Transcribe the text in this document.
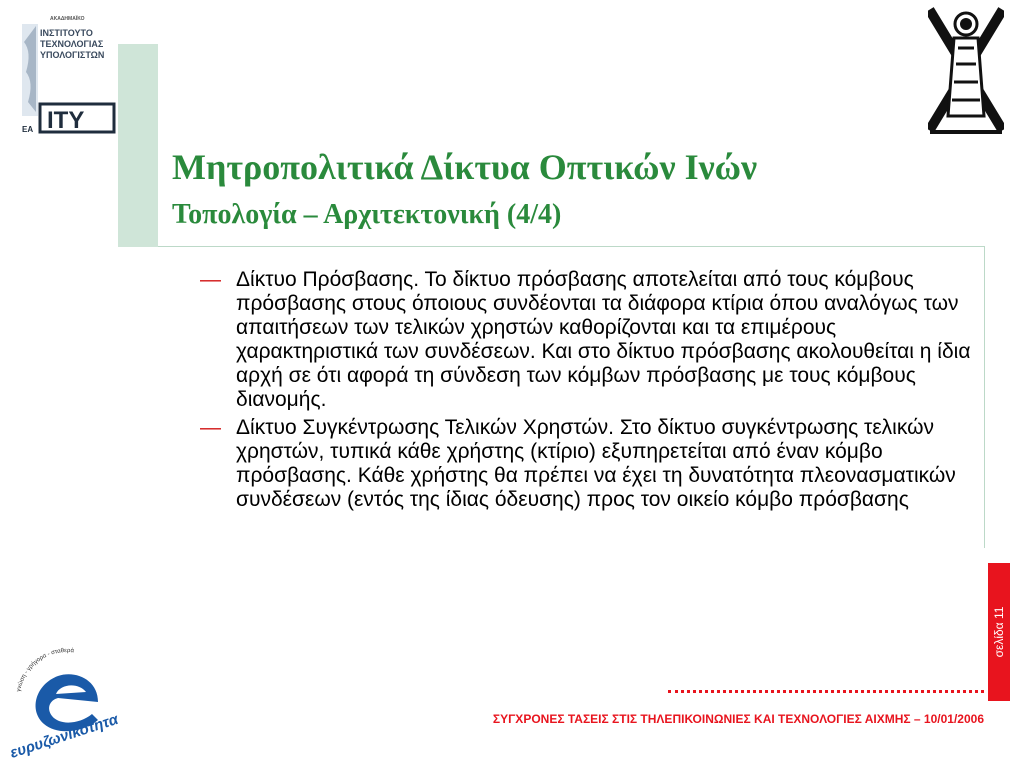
ΑΚΑΔΗΜΑΪΚΟ
ΙΝΣΤΙΤΟΥΤΟ
ΤΕΧΝΟΛΟΓΙΑΣ
ΥΠΟΛΟΓΙΣΤΩΝ
ΕΑ ΙΤΥ
Μητροπολιτικά Δίκτυα Οπτικών Ινών
Τοπολογία – Αρχιτεκτονική (4/4)
— Δίκτυο Πρόσβασης. Το δίκτυο πρόσβασης αποτελείται από τους κόμβους πρόσβασης στους όποιους συνδέονται τα διάφορα κτίρια όπου αναλόγως των απαιτήσεων των τελικών χρηστών καθορίζονται και τα επιμέρους χαρακτηριστικά των συνδέσεων. Και στο δίκτυο πρόσβασης ακολουθείται η ίδια αρχή σε ότι αφορά τη σύνδεση των κόμβων πρόσβασης με τους κόμβους διανομής.
— Δίκτυο Συγκέντρωσης Τελικών Χρηστών. Στο δίκτυο συγκέντρωσης τελικών χρηστών, τυπικά κάθε χρήστης (κτίριο) εξυπηρετείται από έναν κόμβο πρόσβασης. Κάθε χρήστης θα πρέπει να έχει τη δυνατότητα πλεονασματικών συνδέσεων (εντός της ίδιας όδευσης) προς τον οικείο κόμβο πρόσβασης
σελίδα 11
ΣΥΓΧΡΟΝΕΣ ΤΑΣΕΙΣ ΣΤΙΣ ΤΗΛΕΠΙΚΟΙΝΩΝΙΕΣ ΚΑΙ ΤΕΧΝΟΛΟΓΙΕΣ ΑΙΧΜΗΣ – 10/01/2006
γνώση - γρήγορα - σταθερά
ευρυζωνικότητα
